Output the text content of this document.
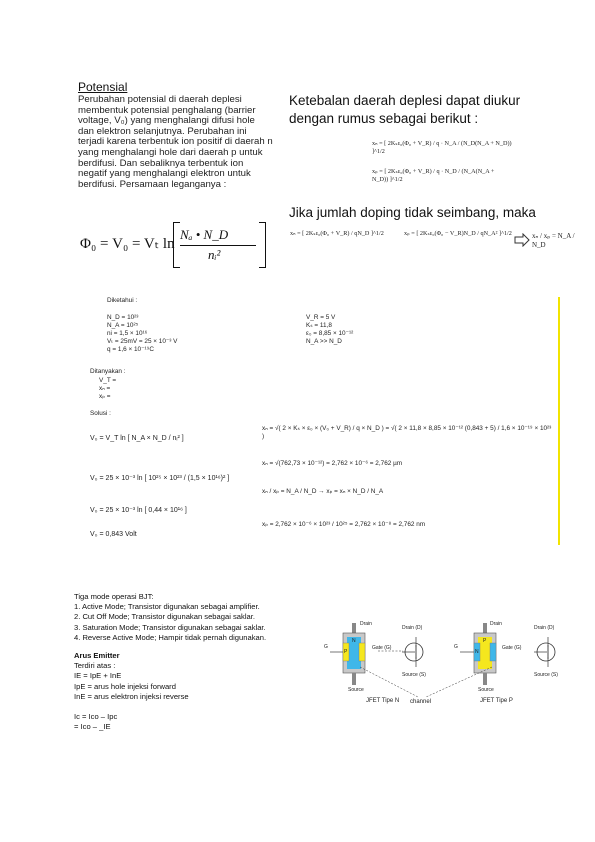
Potensial
Perubahan potensial di daerah deplesi membentuk potensial penghalang (barrier voltage, V₀) yang menghalangi difusi hole dan elektron selanjutnya. Perubahan ini terjadi karena terbentuk ion positif di daerah n yang menghalangi hole dari daerah p untuk berdifusi. Dan sebaliknya terbentuk ion negatif yang menghalangi elektron untuk berdifusi. Persamaan leganganya :
Φ₀ = V₀ = Vₜ ln
Nₐ • N_D
nᵢ²
Ketebalan daerah deplesi dapat diukur
dengan rumus sebagai berikut :
xₙ = [ 2Kₛε₀(Φ₀ + V_R) / q · N_A / (N_D(N_A + N_D)) ]^1/2
xₚ = [ 2Kₛε₀(Φ₀ + V_R) / q · N_D / (N_A(N_A + N_D)) ]^1/2
Jika jumlah doping tidak seimbang, maka
xₙ = [ 2Kₛε₀(Φ₀ + V_R) / qN_D ]^1/2	xₚ = [ 2Kₛε₀(Φ₀ − V_R)N_D / qN_A² ]^1/2	xₙ / xₚ = N_A / N_D
Diketahui :
N_D = 10²³
N_A = 10²⁵
ni = 1,5 × 10¹⁶
Vₜ = 25mV = 25 × 10⁻³ V
q = 1,6 × 10⁻¹⁹C
V_R = 5 V
Kₛ = 11,8
ε₀ = 8,85 × 10⁻¹²
N_A >> N_D
Ditanyakan :
V_T =
xₙ =
xₚ =
Solusi :
V₀ = V_T ln [ N_A × N_D / nᵢ² ]
V₀ = 25 × 10⁻³ ln [ 10²⁵ × 10²³ / (1,5 × 10¹⁶)² ]
V₀ = 25 × 10⁻³ ln [ 0,44 × 10¹⁶ ]
V₀ = 0,843 Volt
xₙ = √( 2 × Kₛ × ε₀ × (V₀ + V_R) / q × N_D ) = √( 2 × 11,8 × 8,85 × 10⁻¹² (0,843 + 5) / 1,6 × 10⁻¹⁹ × 10²³ )
xₙ = √(762,73 × 10⁻¹²) = 2,762 × 10⁻⁶ = 2,762 µm
xₙ / xₚ = N_A / N_D → xₚ = xₙ × N_D / N_A
xₚ = 2,762 × 10⁻⁶ × 10²³ / 10²⁵ = 2,762 × 10⁻⁸ = 2,762 nm
Tiga mode operasi BJT:
1. Active Mode; Transistor digunakan sebagai amplifier.
2. Cut Off Mode; Transistor digunakan sebagai saklar.
3. Saturation Mode; Transistor digunakan sebagai saklar.
4. Reverse Active Mode; Hampir tidak pernah digunakan.
Arus Emitter
Terdiri atas :
IE = IpE + InE
IpE = arus hole injeksi forward
InE = arus elektron injeksi reverse
Ic = Ico – Ipc
= Ico – _IE
Drain
G
N
P
Gate (G)
Source
Drain (D)
Source (S)
JFET Tipe N channel
Drain
G
P
N
Gate (G)
Source
Drain (D)
Source (S)
JFET Tipe P
